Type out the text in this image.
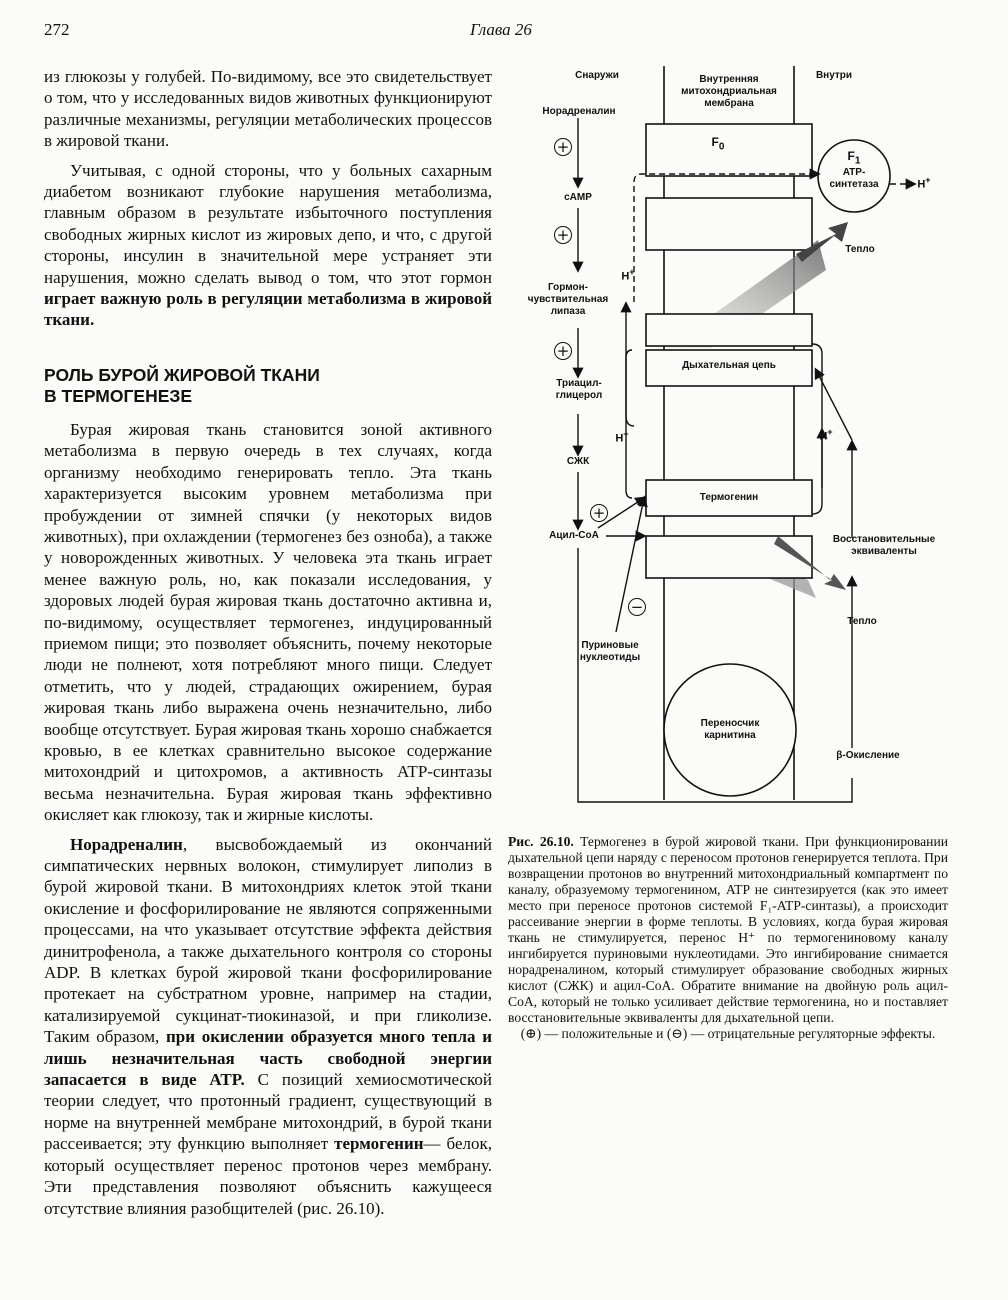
272	Глава 26

из глюкозы у голубей. По-видимому, все это свидетельствует о том, что у исследованных видов животных функционируют различные механизмы, регуляции метаболических процессов в жировой ткани.

Учитывая, с одной стороны, что у больных сахарным диабетом возникают глубокие нарушения метаболизма, главным образом в результате избыточного поступления свободных жирных кислот из жировых депо, и что, с другой стороны, инсулин в значительной мере устраняет эти нарушения, можно сделать вывод о том, что этот гормон играет важную роль в регуляции метаболизма в жировой ткани.

РОЛЬ БУРОЙ ЖИРОВОЙ ТКАНИ
В ТЕРМОГЕНЕЗЕ

Бурая жировая ткань становится зоной активного метаболизма в первую очередь в тех случаях, когда организму необходимо генерировать тепло. Эта ткань характеризуется высоким уровнем метаболизма при пробуждении от зимней спячки (у некоторых видов животных), при охлаждении (термогенез без озноба), а также у новорожденных животных. У человека эта ткань играет менее важную роль, но, как показали исследования, у здоровых людей бурая жировая ткань достаточно активна и, по-видимому, осуществляет термогенез, индуцированный приемом пищи; это позволяет объяснить, почему некоторые люди не полнеют, хотя потребляют много пищи. Следует отметить, что у людей, страдающих ожирением, бурая жировая ткань либо выражена очень незначительно, либо вообще отсутствует. Бурая жировая ткань хорошо снабжается кровью, в ее клетках сравнительно высокое содержание митохондрий и цитохромов, а активность ATP-синтазы весьма незначительна. Бурая жировая ткань эффективно окисляет как глюкозу, так и жирные кислоты.

Норадреналин, высвобождаемый из окончаний симпатических нервных волокон, стимулирует липолиз в бурой жировой ткани. В митохондриях клеток этой ткани окисление и фосфорилирование не являются сопряженными процессами, на что указывает отсутствие эффекта действия динитрофенола, а также дыхательного контроля со стороны ADP. В клетках бурой жировой ткани фосфорилирование протекает на субстратном уровне, например на стадии, катализируемой сукцинат-тиокиназой, и при гликолизе. Таким образом, при окислении образуется много тепла и лишь незначительная часть свободной энергии запасается в виде ATP. С позиций хемиосмотической теории следует, что протонный градиент, существующий в норме на внутренней мембране митохондрий, в бурой ткани рассеивается; эту функцию выполняет термогенин— белок, который осуществляет перенос протонов через мембрану. Эти представления позволяют объяснить кажущееся отсутствие влияния разобщителей (рис. 26.10).

Снаружи	Внутренняя
митохондриальная
мембрана
Внутри
Норадреналин
+	$F_0$
$F_1$
ATP-
синтетаза	H+
cAMP
+
Тепло
H+
Гормон-
чувствительная
липаза
+
Дыхательная цепь
Триацил-
глицерол
H+	H+
СЖК
Термогенин
+
Ацил-CoA	Восстановительные
эквиваленты
−
Тепло
Пуриновые
нуклеотиды
Переносчик
карнитина
β-Окисление
Рис. 26.10. Термогенез в бурой жировой ткани. При функционировании дыхательной цепи наряду с переносом протонов генерируется теплота. При возвращении протонов во внутренний митохондриальный компартмент по каналу, образуемому термогенином, ATP не синтезируется (как это имеет место при переносе протонов системой F₁-ATP-синтазы), а происходит рассеивание энергии в форме теплоты. В условиях, когда бурая жировая ткань не стимулируется, перенос H⁺ по термогениновому каналу ингибируется пуриновыми нуклеотидами. Это ингибирование снимается норадреналином, который стимулирует образование свободных жирных кислот (СЖК) и ацил-CoA. Обратите внимание на двойную роль ацил-CoA, который не только усиливает действие термогенина, но и поставляет восстановительные эквиваленты для дыхательной цепи.
(⊕) — положительные и (⊖) — отрицательные регуляторные эффекты.
